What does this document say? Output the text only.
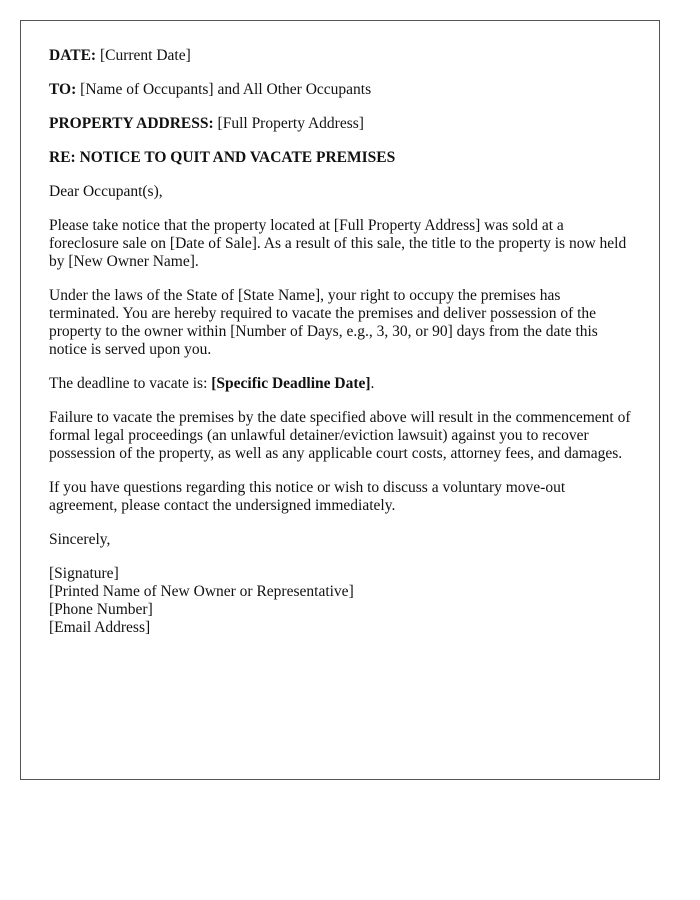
DATE: [Current Date]

TO: [Name of Occupants] and All Other Occupants

PROPERTY ADDRESS: [Full Property Address]

RE: NOTICE TO QUIT AND VACATE PREMISES

Dear Occupant(s),

Please take notice that the property located at [Full Property Address] was sold at a foreclosure sale on [Date of Sale]. As a result of this sale, the title to the property is now held by [New Owner Name].

Under the laws of the State of [State Name], your right to occupy the premises has terminated. You are hereby required to vacate the premises and deliver possession of the property to the owner within [Number of Days, e.g., 3, 30, or 90] days from the date this notice is served upon you.

The deadline to vacate is: [Specific Deadline Date].

Failure to vacate the premises by the date specified above will result in the commencement of formal legal proceedings (an unlawful detainer/eviction lawsuit) against you to recover possession of the property, as well as any applicable court costs, attorney fees, and damages.

If you have questions regarding this notice or wish to discuss a voluntary move-out agreement, please contact the undersigned immediately.

Sincerely,

[Signature]

[Printed Name of New Owner or Representative]

[Phone Number]

[Email Address]
